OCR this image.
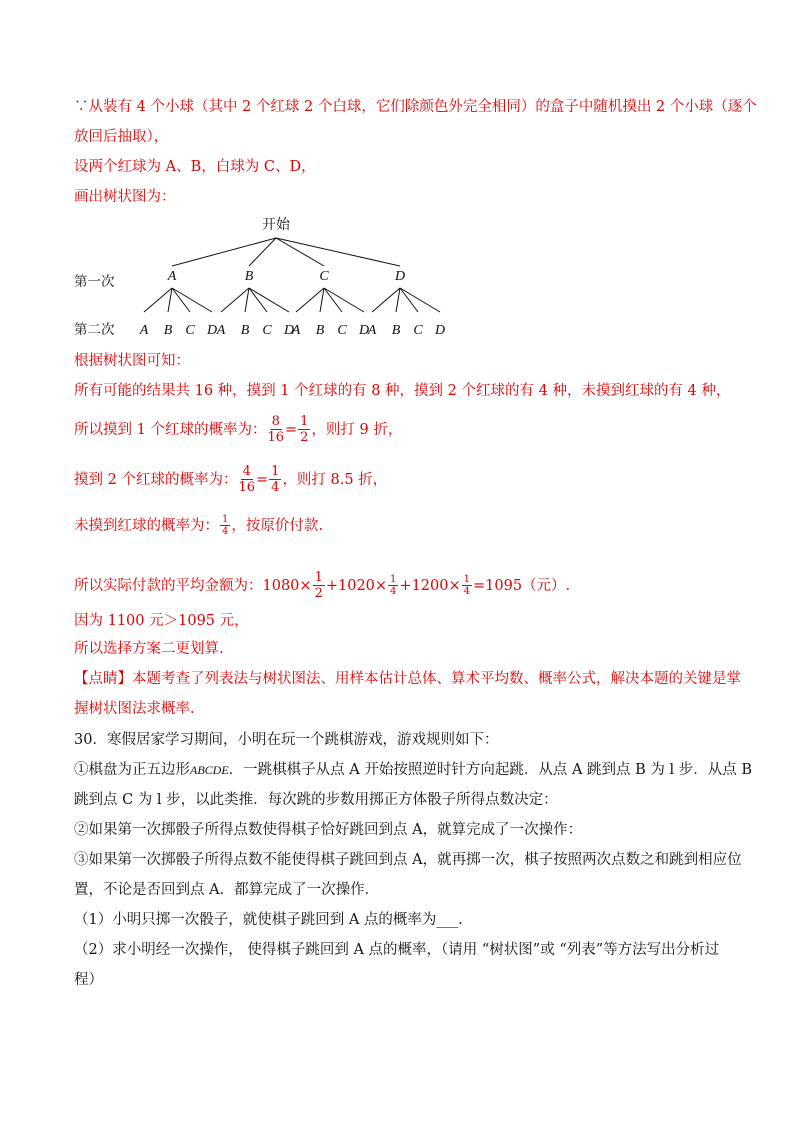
∵从装有 4 个小球（其中 2 个红球 2 个白球，它们除颜色外完全相同）的盒子中随机摸出 2 个小球（逐个
放回后抽取），
设两个红球为 A、B，白球为 C、D，
画出树状图为：
第一次
第二次
开始
A
A B C D
B
A B C D
C
A B C D
D
A B C D
根据树状图可知：
所有可能的结果共 16 种，摸到 1 个红球的有 8 种，摸到 2 个红球的有 4 种，未摸到红球的有 4 种，
所以摸到 1 个红球的概率为： $\frac{8}{16} = \frac{1}{2}$ ，则打 9 折，
摸到 2 个红球的概率为： $\frac{4}{16} = \frac{1}{4}$ ，则打 8.5 折，
未摸到红球的概率为： $\frac{1}{4}$ ，按原价付款.
所以实际付款的平均金额为：$1080\times \frac{1}{2} +1020\times \frac{1}{4} +1200\times \frac{1}{4} =1095$（元）.
因为 1100 元＞1095 元，
所以选择方案二更划算.
【点睛】本题考查了列表法与树状图法、用样本估计总体、算术平均数、概率公式，解决本题的关键是掌
握树状图法求概率.
30．寒假居家学习期间，小明在玩一个跳棋游戏，游戏规则如下：
①棋盘为正五边形ABCDE．一跳棋棋子从点 A 开始按照逆时针方向起跳．从点 A 跳到点 B 为 l 步．从点 B
跳到点 C 为 l 步，以此类推．每次跳的步数用掷正方体骰子所得点数决定：
②如果第一次掷骰子所得点数使得棋子恰好跳回到点 A，就算完成了一次操作：
③如果第一次掷骰子所得点数不能使得棋子跳回到点 A，就再掷一次，棋子按照两次点数之和跳到相应位
置，不论是否回到点 A．都算完成了一次操作．
（1）小明只掷一次骰子，就使棋子跳回到 A 点的概率为___.
（2）求小明经一次操作， 使得棋子跳回到 A 点的概率，（请用 “树状图”或 “列表”等方法写出分析过
程）
